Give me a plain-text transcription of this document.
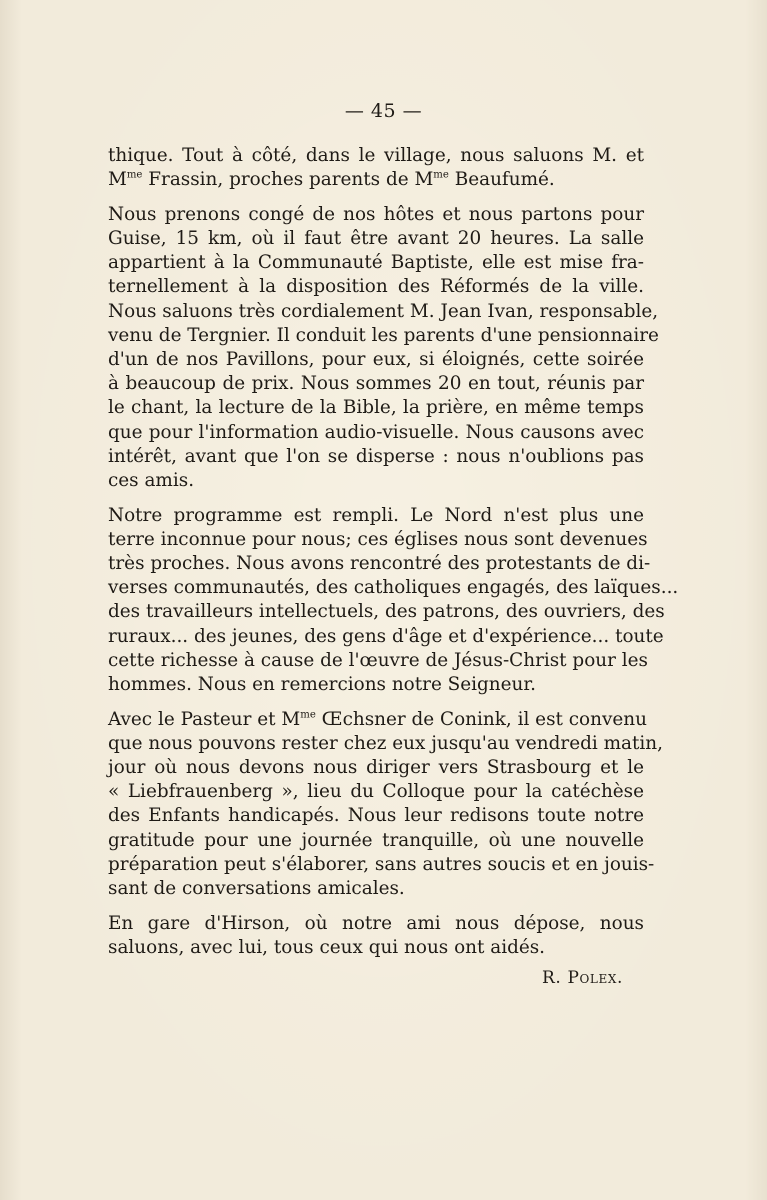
— 45 —

thique. Tout à côté, dans le village, nous saluons M. et
$M^{me}$ Frassin, proches parents de $M^{me}$ Beaufumé.

Nous prenons congé de nos hôtes et nous partons pour
Guise, 15 km, où il faut être avant 20 heures. La salle
appartient à la Communauté Baptiste, elle est mise fra-
ternellement à la disposition des Réformés de la ville.
Nous saluons très cordialement M. Jean Ivan, responsable,
venu de Tergnier. Il conduit les parents d'une pensionnaire
d'un de nos Pavillons, pour eux, si éloignés, cette soirée
à beaucoup de prix. Nous sommes 20 en tout, réunis par
le chant, la lecture de la Bible, la prière, en même temps
que pour l'information audio-visuelle. Nous causons avec
intérêt, avant que l'on se disperse : nous n'oublions pas
ces amis.

Notre programme est rempli. Le Nord n'est plus une
terre inconnue pour nous; ces églises nous sont devenues
très proches. Nous avons rencontré des protestants de di-
verses communautés, des catholiques engagés, des laïques...
des travailleurs intellectuels, des patrons, des ouvriers, des
ruraux... des jeunes, des gens d'âge et d'expérience... toute
cette richesse à cause de l'œuvre de Jésus-Christ pour les
hommes. Nous en remercions notre Seigneur.

Avec le Pasteur et $M^{me}$ Œchsner de Conink, il est convenu
que nous pouvons rester chez eux jusqu'au vendredi matin,
jour où nous devons nous diriger vers Strasbourg et le
« Liebfrauenberg », lieu du Colloque pour la catéchèse
des Enfants handicapés. Nous leur redisons toute notre
gratitude pour une journée tranquille, où une nouvelle
préparation peut s'élaborer, sans autres soucis et en jouis-
sant de conversations amicales.

En gare d'Hirson, où notre ami nous dépose, nous
saluons, avec lui, tous ceux qui nous ont aidés.

R. Polex.
